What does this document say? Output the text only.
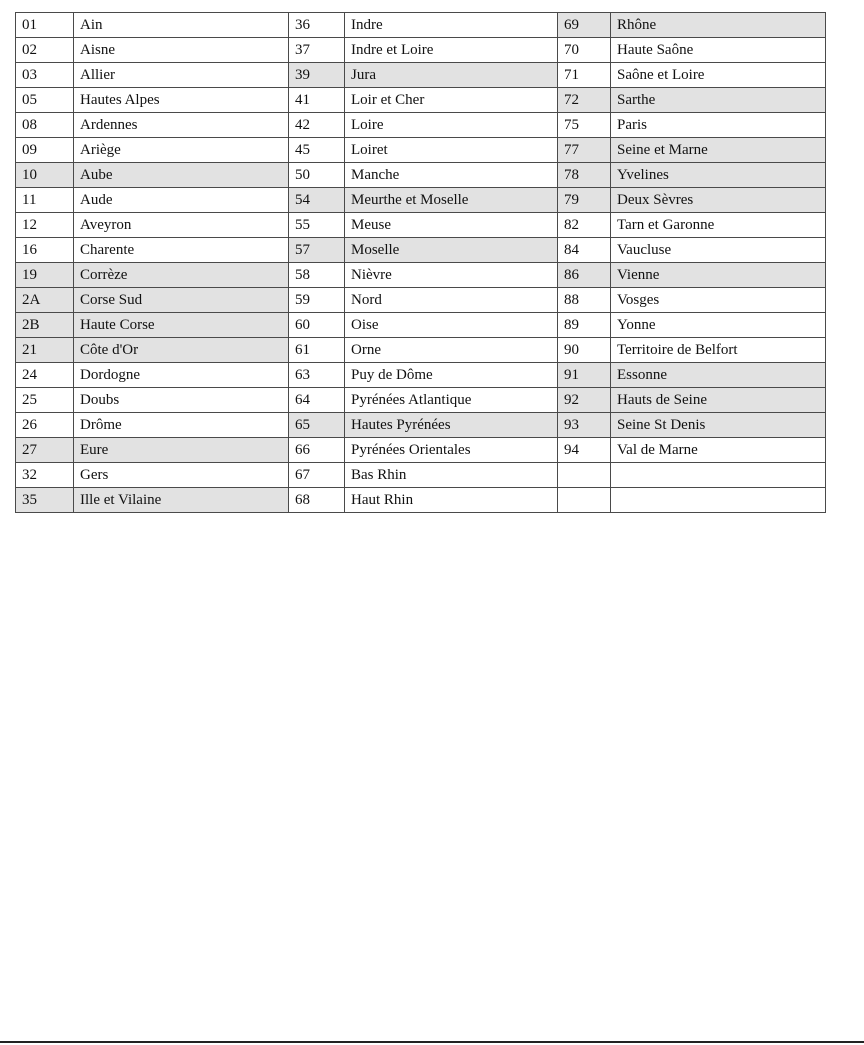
01	Ain	36	Indre	69	Rhône
02	Aisne	37	Indre et Loire	70	Haute Saône
03	Allier	39	Jura	71	Saône et Loire
05	Hautes Alpes	41	Loir et Cher	72	Sarthe
08	Ardennes	42	Loire	75	Paris
09	Ariège	45	Loiret	77	Seine et Marne
10	Aube	50	Manche	78	Yvelines
11	Aude	54	Meurthe et Moselle	79	Deux Sèvres
12	Aveyron	55	Meuse	82	Tarn et Garonne
16	Charente	57	Moselle	84	Vaucluse
19	Corrèze	58	Nièvre	86	Vienne
2A	Corse Sud	59	Nord	88	Vosges
2B	Haute Corse	60	Oise	89	Yonne
21	Côte d'Or	61	Orne	90	Territoire de Belfort
24	Dordogne	63	Puy de Dôme	91	Essonne
25	Doubs	64	Pyrénées Atlantique	92	Hauts de Seine
26	Drôme	65	Hautes Pyrénées	93	Seine St Denis
27	Eure	66	Pyrénées Orientales	94	Val de Marne
32	Gers	67	Bas Rhin		
35	Ille et Vilaine	68	Haut Rhin		
